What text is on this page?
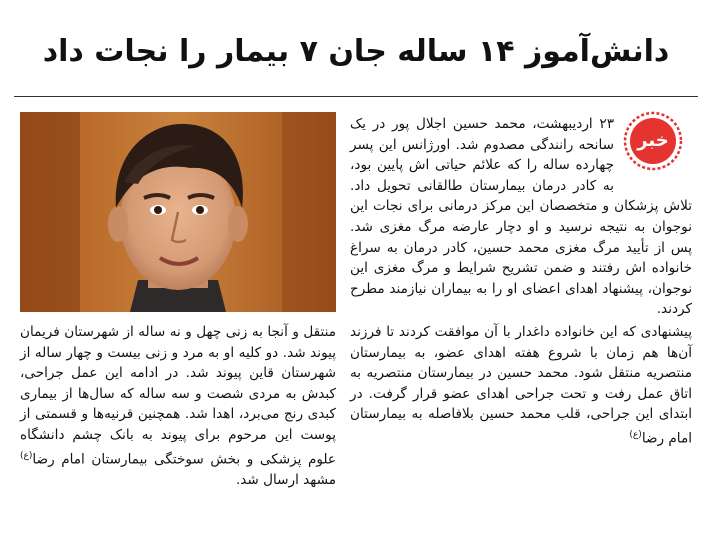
دانش‌آموز ۱۴ ساله جان ۷ بیمار را نجات داد
خبر

۲۳ اردیبهشت، محمد حسین اجلال پور در یک سانحه رانندگی مصدوم شد. اورژانس این پسر چهارده ساله را که علائم حیاتی اش پایین بود، به کادر درمان بیمارستان طالقانی تحویل داد. تلاش پزشکان و متخصصان این مرکز درمانی برای نجات این نوجوان به نتیجه نرسید و او دچار عارضه مرگ مغزی شد. پس از تأیید مرگ مغزی محمد حسین، کادر درمان به سراغ خانواده اش رفتند و ضمن تشریح شرایط و مرگ مغزی این نوجوان، پیشنهاد اهدای اعضای او را به بیماران نیازمند مطرح کردند.

پیشنهادی که این خانواده داغدار با آن موافقت کردند تا فرزند آن‌ها هم زمان با شروع هفته اهدای عضو، به بیمارستان منتصریه منتقل شود. محمد حسین در بیمارستان منتصریه به اتاق عمل رفت و تحت جراحی اهدای عضو قرار گرفت. در ابتدای این جراحی، قلب محمد حسین بلافاصله به بیمارستان امام رضا$^{(ع)}$

منتقل و آنجا به زنی چهل و نه ساله از شهرستان فریمان پیوند شد. دو کلیه او به مرد و زنی بیست و چهار ساله از شهرستان قاین پیوند شد. در ادامه این عمل جراحی، کبدش به مردی شصت و سه ساله که سال‌ها از بیماری کبدی رنج می‌برد، اهدا شد. همچنین قرنیه‌ها و قسمتی از پوست این مرحوم برای پیوند به بانک چشم دانشگاه علوم پزشکی و بخش سوختگی بیمارستان امام رضا$^{(ع)}$ مشهد ارسال شد.
